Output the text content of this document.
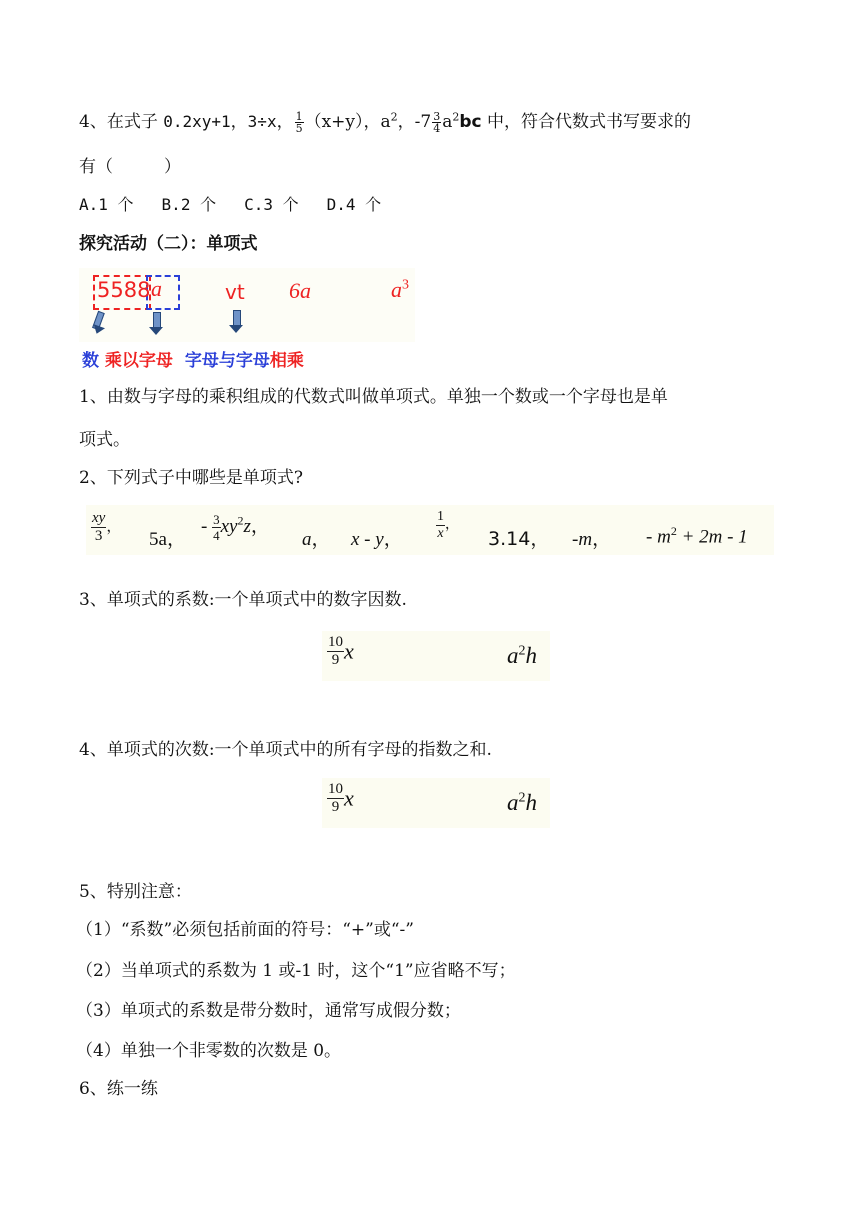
4、在式子 0.2xy+1，3÷x， $\frac{1}{5} (x+y)$，$a^2$，$-7 \frac{3}{4} a^2bc$ 中，符合代数式书写要求的
有（　　　）
A.1 个 B.2 个 C.3 个 D.4 个
探究活动（二）：单项式
5588 a	vt 6a	$a^3$
数 乘以字母 字母与字母相乘
1、由数与字母的乘积组成的代数式叫做单项式。单独一个数或一个字母也是单
项式。
2、下列式子中哪些是单项式?
$\frac{xy}{3}$ ，
5a，
- $\frac{3}{4} xy^2z$，
a， x - y， $\frac{1}{x}$ ，
3.14， -m， - $m^2 + 2m - 1$
3、单项式的系数:一个单项式中的数字因数.
$\frac{10}{9}$ x	$a^2h$
4、单项式的次数:一个单项式中的所有字母的指数之和.
$\frac{10}{9}$ x	$a^2h$
5、特别注意：
（1）“系数”必须包括前面的符号：“+”或“-”
（2）当单项式的系数为 1 或-1 时，这个“1”应省略不写；
（3）单项式的系数是带分数时，通常写成假分数；
（4）单独一个非零数的次数是 0。
6、练一练
